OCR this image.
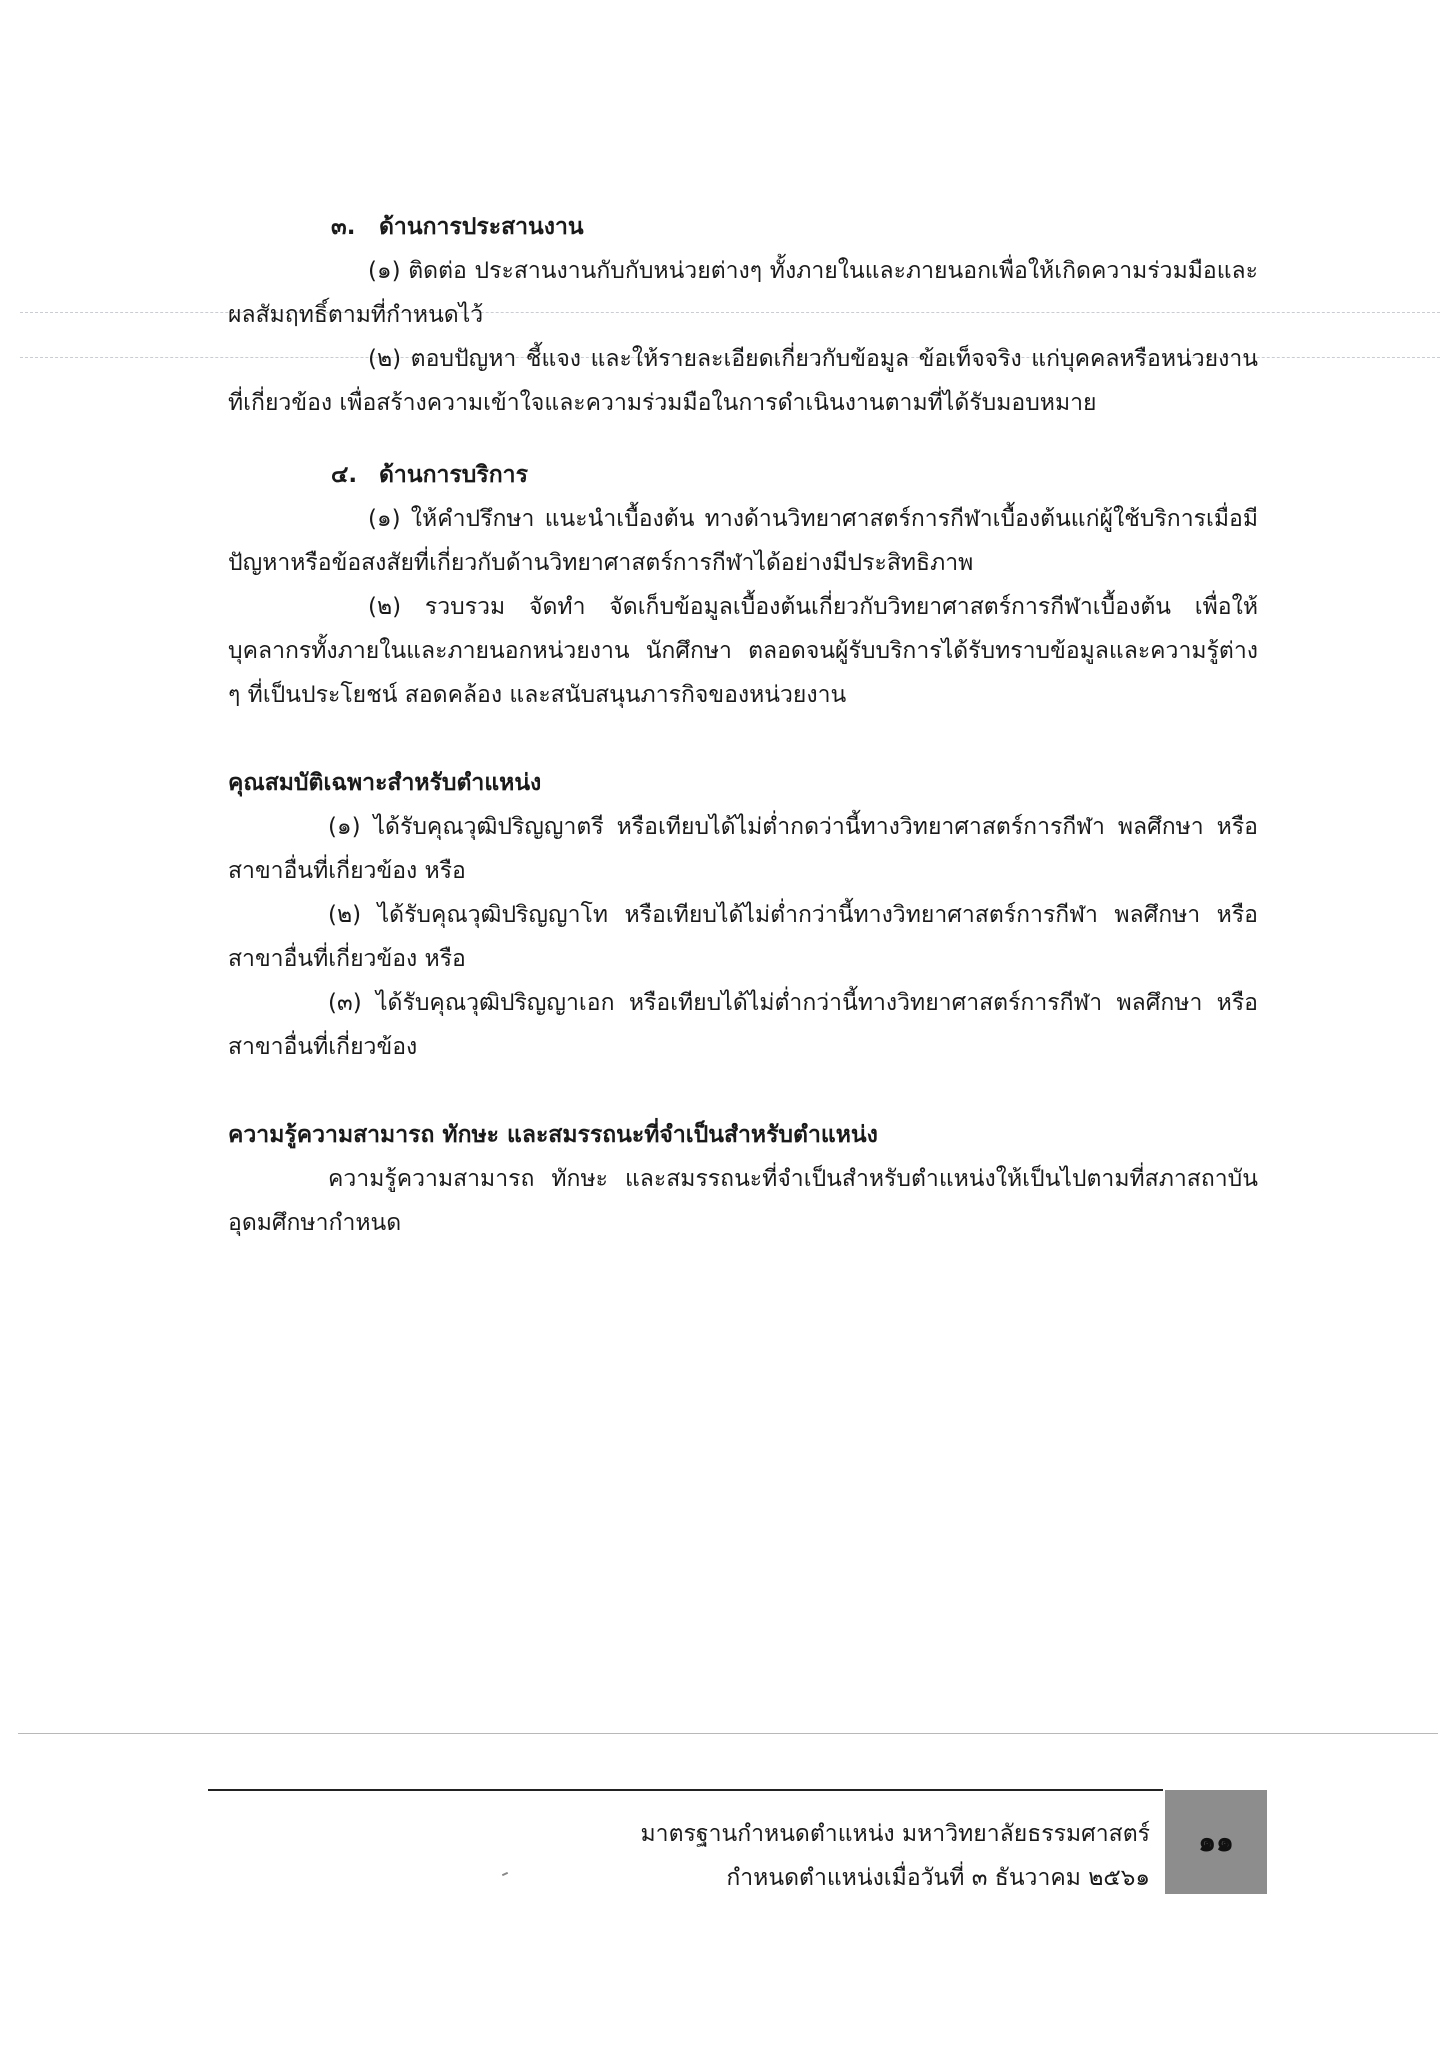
๓. ด้านการประสานงาน

(๑) ติดต่อ ประสานงานกับกับหน่วยต่างๆ ทั้งภายในและภายนอกเพื่อให้เกิดความร่วมมือและผลสัมฤทธิ์ตามที่กำหนดไว้

(๒) ตอบปัญหา ชี้แจง และให้รายละเอียดเกี่ยวกับข้อมูล ข้อเท็จจริง แก่บุคคลหรือหน่วยงานที่เกี่ยวข้อง เพื่อสร้างความเข้าใจและความร่วมมือในการดำเนินงานตามที่ได้รับมอบหมาย

๔. ด้านการบริการ

(๑) ให้คำปรึกษา แนะนำเบื้องต้น ทางด้านวิทยาศาสตร์การกีฬาเบื้องต้นแก่ผู้ใช้บริการเมื่อมีปัญหาหรือข้อสงสัยที่เกี่ยวกับด้านวิทยาศาสตร์การกีฬาได้อย่างมีประสิทธิภาพ

(๒) รวบรวม จัดทำ จัดเก็บข้อมูลเบื้องต้นเกี่ยวกับวิทยาศาสตร์การกีฬาเบื้องต้น เพื่อให้บุคลากรทั้งภายในและภายนอกหน่วยงาน นักศึกษา ตลอดจนผู้รับบริการได้รับทราบข้อมูลและความรู้ต่าง ๆ ที่เป็นประโยชน์ สอดคล้อง และสนับสนุนภารกิจของหน่วยงาน

คุณสมบัติเฉพาะสำหรับตำแหน่ง

(๑) ได้รับคุณวุฒิปริญญาตรี หรือเทียบได้ไม่ต่ำกดว่านี้ทางวิทยาศาสตร์การกีฬา พลศึกษา หรือสาขาอื่นที่เกี่ยวข้อง หรือ

(๒) ได้รับคุณวุฒิปริญญาโท หรือเทียบได้ไม่ต่ำกว่านี้ทางวิทยาศาสตร์การกีฬา พลศึกษา หรือสาขาอื่นที่เกี่ยวข้อง หรือ

(๓) ได้รับคุณวุฒิปริญญาเอก หรือเทียบได้ไม่ต่ำกว่านี้ทางวิทยาศาสตร์การกีฬา พลศึกษา หรือสาขาอื่นที่เกี่ยวข้อง

ความรู้ความสามารถ ทักษะ และสมรรถนะที่จำเป็นสำหรับตำแหน่ง

ความรู้ความสามารถ ทักษะ และสมรรถนะที่จำเป็นสำหรับตำแหน่งให้เป็นไปตามที่สภาสถาบันอุดมศึกษากำหนด

มาตรฐานกำหนดตำแหน่ง มหาวิทยาลัยธรรมศาสตร์
กำหนดตำแหน่งเมื่อวันที่ ๓ ธันวาคม ๒๕๖๑
๑๑
